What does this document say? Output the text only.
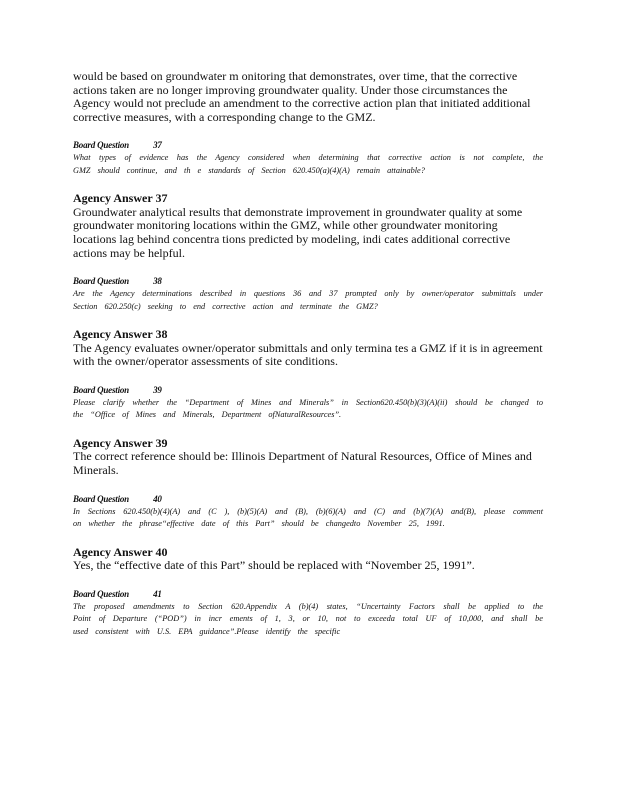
would be based on groundwater m onitoring that demonstrates, over time, that the corrective actions taken are no longer improving groundwater quality. Under those circumstances the Agency would not preclude an amendment to the corrective action plan that initiated additional corrective measures, with a corresponding change to the GMZ.

Board Question	37

What types of evidence has the Agency considered when determining that corrective action is not complete, the GMZ should continue, and th e standards of Section 620.450(a)(4)(A) remain attainable?

Agency Answer 37

Groundwater analytical results that demonstrate improvement in groundwater quality at some groundwater monitoring locations within the GMZ, while other groundwater monitoring locations lag behind concentra tions predicted by modeling, indi cates additional corrective actions may be helpful.

Board Question	38

Are the Agency determinations described in questions 36 and 37 prompted only by owner/operator submittals under Section 620.250(c) seeking to end corrective action and terminate the GMZ?

Agency Answer 38

The Agency evaluates owner/operator submittals and only termina tes a GMZ if it is in agreement with the owner/operator assessments of site conditions.

Board Question	39

Please clarify whether the “Department of Mines and Minerals” in Section620.450(b)(3)(A)(ii) should be changed to the “Office of Mines and Minerals, Department ofNaturalResources”.

Agency Answer 39

The correct reference should be: Illinois Department of Natural Resources, Office of Mines and Minerals.

Board Question	40

In Sections 620.450(b)(4)(A) and (C ), (b)(5)(A) and (B), (b)(6)(A) and (C) and (b)(7)(A) and(B), please comment on whether the phrase“effective date of this Part” should be changedto November 25, 1991.

Agency Answer 40

Yes, the “effective date of this Part” should be replaced with “November 25, 1991”.

Board Question	41

The proposed amendments to Section 620.Appendix A (b)(4) states, “Uncertainty Factors shall be applied to the Point of Departure (“POD”) in incr ements of 1, 3, or 10, not to exceeda total UF of 10,000, and shall be used consistent with U.S. EPA guidance”.Please identify the specific
